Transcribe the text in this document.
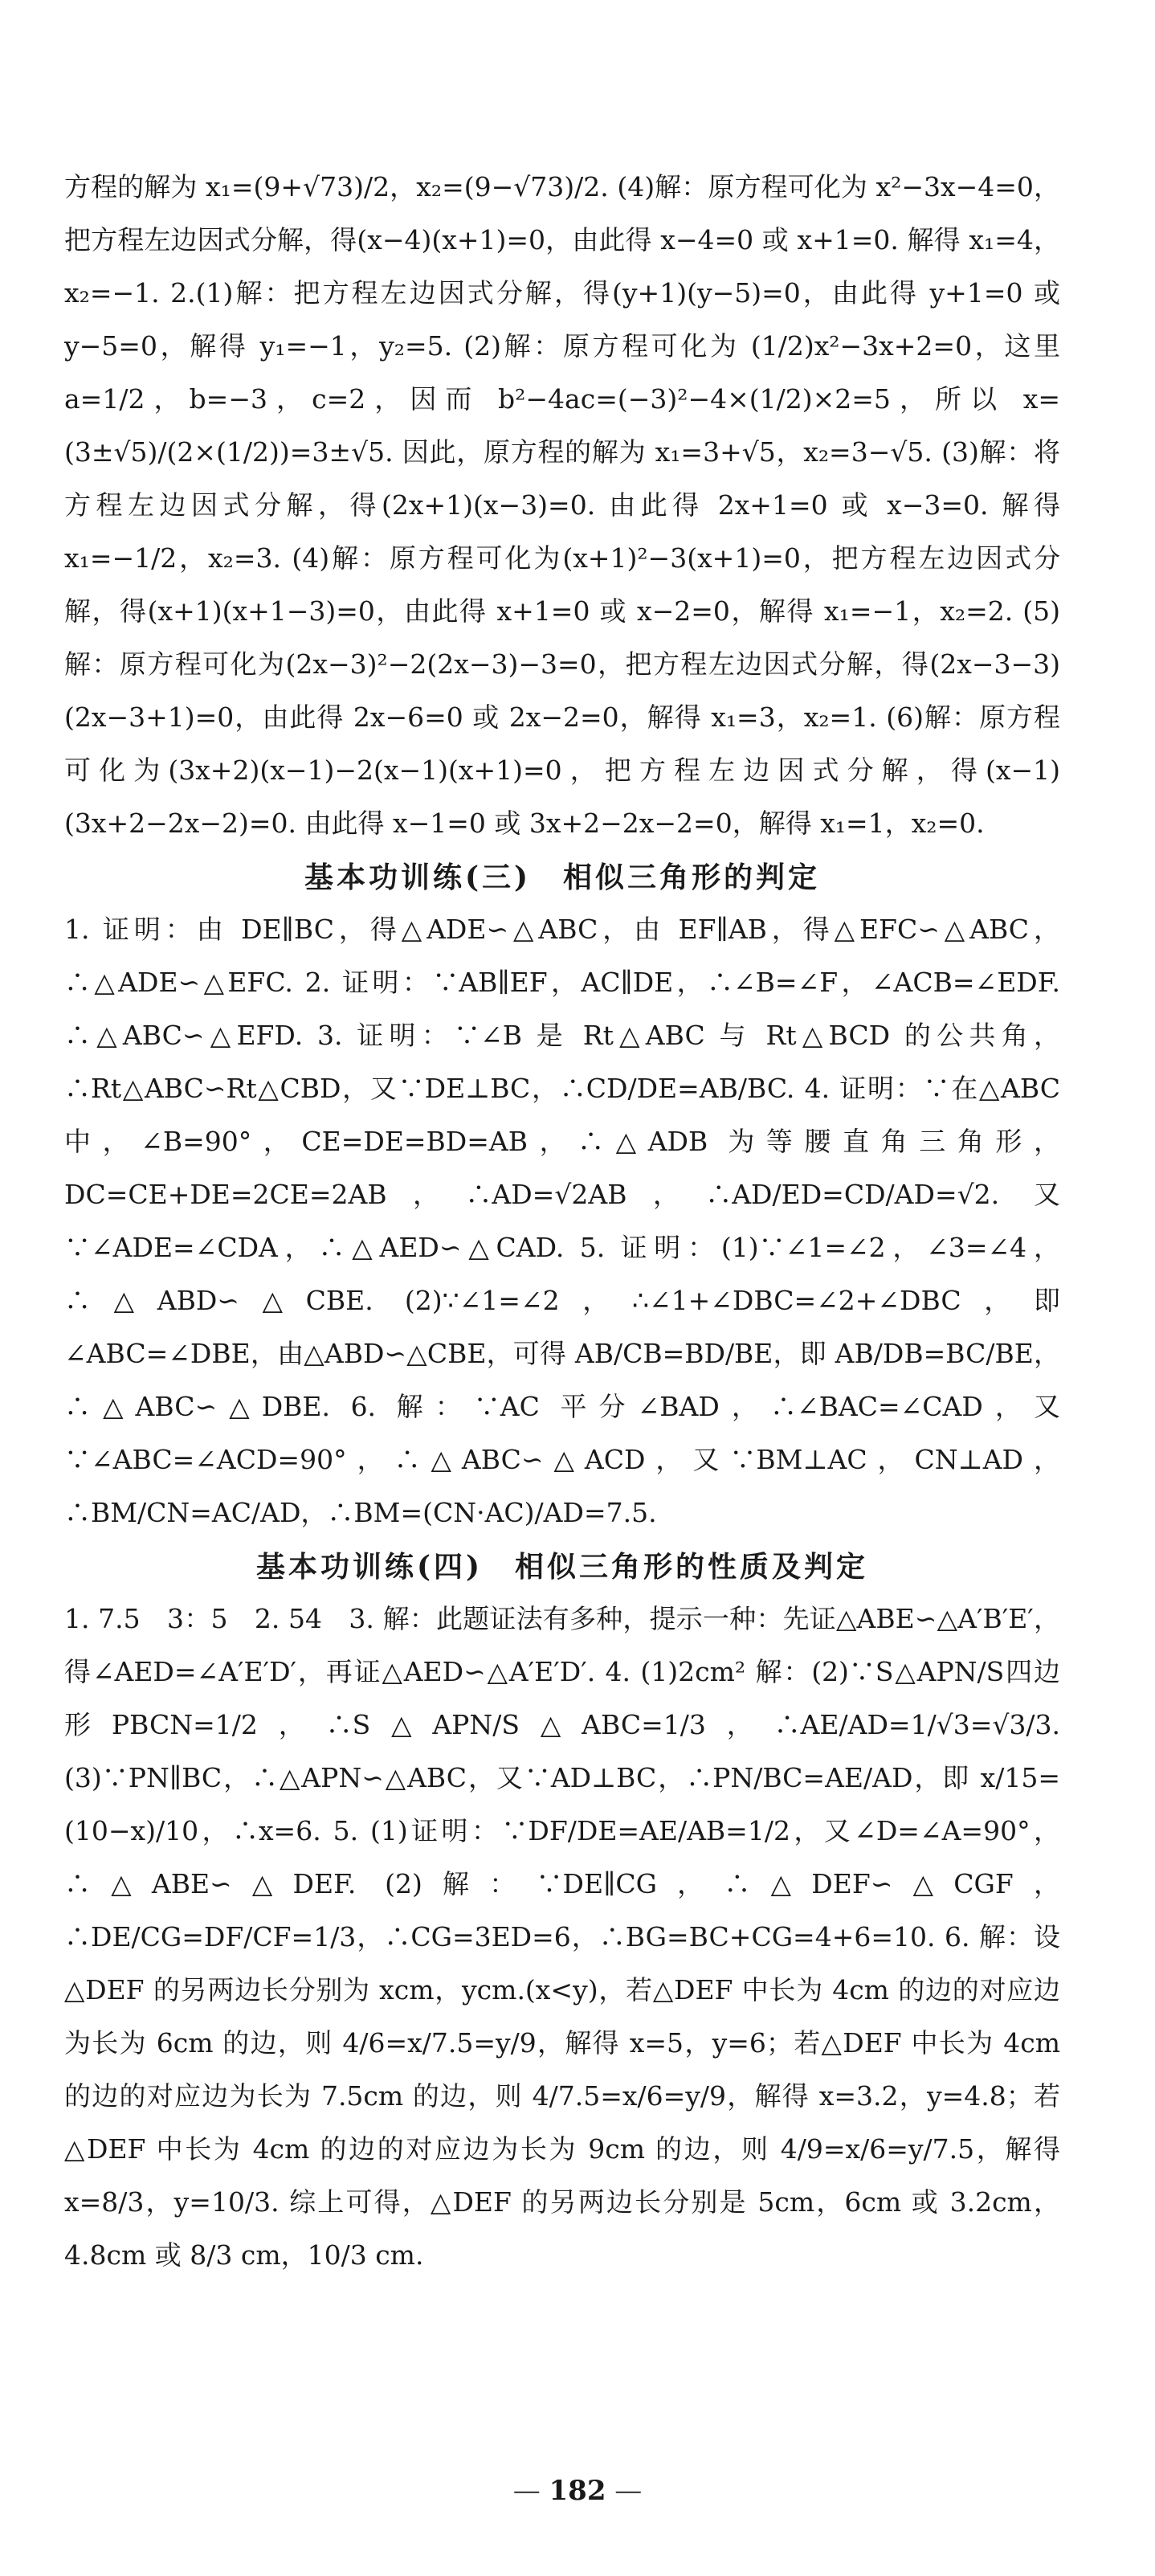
方程的解为 x₁=(9+√73)/2，x₂=(9−√73)/2. (4)解：原方程可化为 x²−3x−4=0，把方程左边因式分解，得(x−4)(x+1)=0，由此得 x−4=0 或 x+1=0. 解得 x₁=4，x₂=−1. 2.(1)解：把方程左边因式分解，得(y+1)(y−5)=0，由此得 y+1=0 或 y−5=0，解得 y₁=−1，y₂=5. (2)解：原方程可化为 (1/2)x²−3x+2=0，这里 a=1/2，b=−3，c=2，因而 b²−4ac=(−3)²−4×(1/2)×2=5，所以 x=(3±√5)/(2×(1/2))=3±√5. 因此，原方程的解为 x₁=3+√5，x₂=3−√5. (3)解：将方程左边因式分解，得(2x+1)(x−3)=0. 由此得 2x+1=0 或 x−3=0. 解得 x₁=−1/2，x₂=3. (4)解：原方程可化为(x+1)²−3(x+1)=0，把方程左边因式分解，得(x+1)(x+1−3)=0，由此得 x+1=0 或 x−2=0，解得 x₁=−1，x₂=2. (5)解：原方程可化为(2x−3)²−2(2x−3)−3=0，把方程左边因式分解，得(2x−3−3)(2x−3+1)=0，由此得 2x−6=0 或 2x−2=0，解得 x₁=3，x₂=1. (6)解：原方程可化为(3x+2)(x−1)−2(x−1)(x+1)=0，把方程左边因式分解，得(x−1)(3x+2−2x−2)=0. 由此得 x−1=0 或 3x+2−2x−2=0，解得 x₁=1，x₂=0.

基本功训练(三)　相似三角形的判定

1. 证明：由 DE∥BC，得△ADE∽△ABC，由 EF∥AB，得△EFC∽△ABC，∴△ADE∽△EFC. 2. 证明：∵AB∥EF，AC∥DE，∴∠B=∠F，∠ACB=∠EDF. ∴△ABC∽△EFD. 3. 证明：∵∠B 是 Rt△ABC 与 Rt△BCD 的公共角，∴Rt△ABC∽Rt△CBD，又∵DE⊥BC，∴CD/DE=AB/BC. 4. 证明：∵在△ABC 中，∠B=90°，CE=DE=BD=AB，∴△ADB 为等腰直角三角形，DC=CE+DE=2CE=2AB，∴AD=√2AB，∴AD/ED=CD/AD=√2. 又∵∠ADE=∠CDA，∴△AED∽△CAD. 5. 证明：(1)∵∠1=∠2，∠3=∠4，∴△ABD∽△CBE. (2)∵∠1=∠2，∴∠1+∠DBC=∠2+∠DBC，即∠ABC=∠DBE，由△ABD∽△CBE，可得 AB/CB=BD/BE，即 AB/DB=BC/BE，∴△ABC∽△DBE. 6. 解：∵AC 平分∠BAD，∴∠BAC=∠CAD，又∵∠ABC=∠ACD=90°，∴△ABC∽△ACD，又∵BM⊥AC，CN⊥AD，∴BM/CN=AC/AD，∴BM=(CN·AC)/AD=7.5.

基本功训练(四)　相似三角形的性质及判定

1. 7.5　3：5　2. 54　3. 解：此题证法有多种，提示一种：先证△ABE∽△A′B′E′，得∠AED=∠A′E′D′，再证△AED∽△A′E′D′. 4. (1)2cm² 解：(2)∵S△APN/S四边形PBCN=1/2，∴S△APN/S△ABC=1/3，∴AE/AD=1/√3=√3/3. (3)∵PN∥BC，∴△APN∽△ABC，又∵AD⊥BC，∴PN/BC=AE/AD，即 x/15=(10−x)/10，∴x=6. 5. (1)证明：∵DF/DE=AE/AB=1/2，又∠D=∠A=90°，∴△ABE∽△DEF. (2)解：∵DE∥CG，∴△DEF∽△CGF，∴DE/CG=DF/CF=1/3，∴CG=3ED=6，∴BG=BC+CG=4+6=10. 6. 解：设△DEF 的另两边长分别为 xcm，ycm.(x<y)，若△DEF 中长为 4cm 的边的对应边为长为 6cm 的边，则 4/6=x/7.5=y/9，解得 x=5，y=6；若△DEF 中长为 4cm 的边的对应边为长为 7.5cm 的边，则 4/7.5=x/6=y/9，解得 x=3.2，y=4.8；若△DEF 中长为 4cm 的边的对应边为长为 9cm 的边，则 4/9=x/6=y/7.5，解得 x=8/3，y=10/3. 综上可得，△DEF 的另两边长分别是 5cm，6cm 或 3.2cm，4.8cm 或 8/3 cm，10/3 cm.

— 182 —
